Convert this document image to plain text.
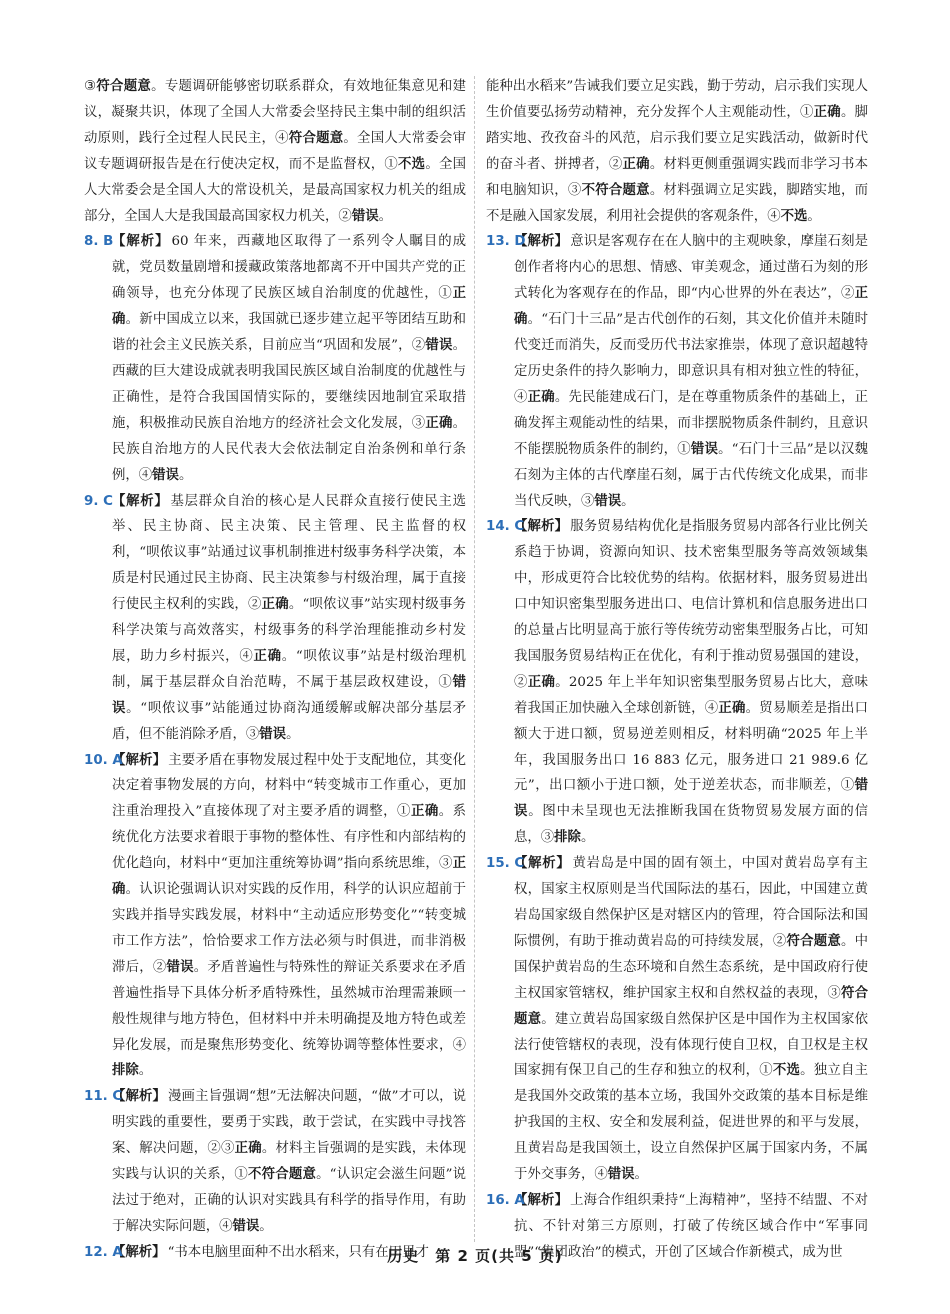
③符合题意。专题调研能够密切联系群众，有效地征集意见和建议，凝聚共识，体现了全国人大常委会坚持民主集中制的组织活动原则，践行全过程人民民主，④符合题意。全国人大常委会审议专题调研报告是在行使决定权，而不是监督权，①不选。全国人大常委会是全国人大的常设机关，是最高国家权力机关的组成部分，全国人大是我国最高国家权力机关，②错误。

8. B
【解析】 60 年来，西藏地区取得了一系列令人瞩目的成就，党员数量剧增和援藏政策落地都离不开中国共产党的正确领导，也充分体现了民族区域自治制度的优越性，①正确。新中国成立以来，我国就已逐步建立起平等团结互助和谐的社会主义民族关系，目前应当“巩固和发展”，②错误。西藏的巨大建设成就表明我国民族区域自治制度的优越性与正确性，是符合我国国情实际的，要继续因地制宜采取措施，积极推动民族自治地方的经济社会文化发展，③正确。民族自治地方的人民代表大会依法制定自治条例和单行条例，④错误。

9. C 【解析】 基层群众自治的核心是人民群众直接行使民主选举、民主协商、民主决策、民主管理、民主监督的权利，“呗侬议事”站通过议事机制推进村级事务科学决策，本质是村民通过民主协商、民主决策参与村级治理，属于直接行使民主权利的实践，②正确。“呗侬议事”站实现村级事务科学决策与高效落实，村级事务的科学治理能推动乡村发展，助力乡村振兴，④正确。“呗侬议事”站是村级治理机制，属于基层群众自治范畴，不属于基层政权建设，①错误。“呗侬议事”站能通过协商沟通缓解或解决部分基层矛盾，但不能消除矛盾，③错误。

10. A
【解析】 主要矛盾在事物发展过程中处于支配地位，其变化决定着事物发展的方向，材料中“转变城市工作重心，更加注重治理投入”直接体现了对主要矛盾的调整，①正确。系统优化方法要求着眼于事物的整体性、有序性和内部结构的优化趋向，材料中“更加注重统筹协调”指向系统思维，③正确。认识论强调认识对实践的反作用，科学的认识应超前于实践并指导实践发展，材料中“主动适应形势变化”“转变城市工作方法”，恰恰要求工作方法必须与时俱进，而非消极滞后，②错误。矛盾普遍性与特殊性的辩证关系要求在矛盾普遍性指导下具体分析矛盾特殊性，虽然城市治理需兼顾一般性规律与地方特色，但材料中并未明确提及地方特色或差异化发展，而是聚焦形势变化、统筹协调等整体性要求，④排除。

11. C
【解析】 漫画主旨强调“想”无法解决问题，“做”才可以，说明实践的重要性，要勇于实践，敢于尝试，在实践中寻找答案、解决问题，②③正确。材料主旨强调的是实践，未体现实践与认识的关系，①不符合题意。“认识定会滋生问题”说法过于绝对，正确的认识对实践具有科学的指导作用，有助于解决实际问题，④错误。

12. A
【解析】 “书本电脑里面种不出水稻来，只有在田里才

能种出水稻来”告诫我们要立足实践，勤于劳动，启示我们实现人生价值要弘扬劳动精神，充分发挥个人主观能动性，①正确。脚踏实地、孜孜奋斗的风范，启示我们要立足实践活动，做新时代的奋斗者、拼搏者，②正确。材料更侧重强调实践而非学习书本和电脑知识，③不符合题意。材料强调立足实践，脚踏实地，而不是融入国家发展，利用社会提供的客观条件，④不选。

13. D
【解析】 意识是客观存在在人脑中的主观映象，摩崖石刻是创作者将内心的思想、情感、审美观念，通过凿石为刻的形式转化为客观存在的作品，即“内心世界的外在表达”，②正确。“石门十三品”是古代创作的石刻，其文化价值并未随时代变迁而消失，反而受历代书法家推崇，体现了意识超越特定历史条件的持久影响力，即意识具有相对独立性的特征，④正确。先民能建成石门，是在尊重物质条件的基础上，正确发挥主观能动性的结果，而非摆脱物质条件制约，且意识不能摆脱物质条件的制约，①错误。“石门十三品”是以汉魏石刻为主体的古代摩崖石刻，属于古代传统文化成果，而非当代反映，③错误。

14. C
【解析】 服务贸易结构优化是指服务贸易内部各行业比例关系趋于协调，资源向知识、技术密集型服务等高效领域集中，形成更符合比较优势的结构。依据材料，服务贸易进出口中知识密集型服务进出口、电信计算机和信息服务进出口的总量占比明显高于旅行等传统劳动密集型服务占比，可知我国服务贸易结构正在优化，有利于推动贸易强国的建设，②正确。2025 年上半年知识密集型服务贸易占比大，意味着我国正加快融入全球创新链，④正确。贸易顺差是指出口额大于进口额，贸易逆差则相反，材料明确“2025 年上半年，我国服务出口 16 883 亿元，服务进口 21 989.6 亿元”，出口额小于进口额，处于逆差状态，而非顺差，①错误。图中未呈现也无法推断我国在货物贸易发展方面的信息，③排除。

15. C
【解析】 黄岩岛是中国的固有领土，中国对黄岩岛享有主权，国家主权原则是当代国际法的基石，因此，中国建立黄岩岛国家级自然保护区是对辖区内的管理，符合国际法和国际惯例，有助于推动黄岩岛的可持续发展，②符合题意。中国保护黄岩岛的生态环境和自然生态系统，是中国政府行使主权国家管辖权，维护国家主权和自然权益的表现，③符合题意。建立黄岩岛国家级自然保护区是中国作为主权国家依法行使管辖权的表现，没有体现行使自卫权，自卫权是主权国家拥有保卫自己的生存和独立的权利，①不选。独立自主是我国外交政策的基本立场，我国外交政策的基本目标是维护我国的主权、安全和发展利益，促进世界的和平与发展，且黄岩岛是我国领土，设立自然保护区属于国家内务，不属于外交事务，④错误。

16. A
【解析】 上海合作组织秉持“上海精神”，坚持不结盟、不对抗、不针对第三方原则，打破了传统区域合作中“军事同盟”“集团政治”的模式，开创了区域合作新模式，成为世

历史　第 2 页(共 5 页)
